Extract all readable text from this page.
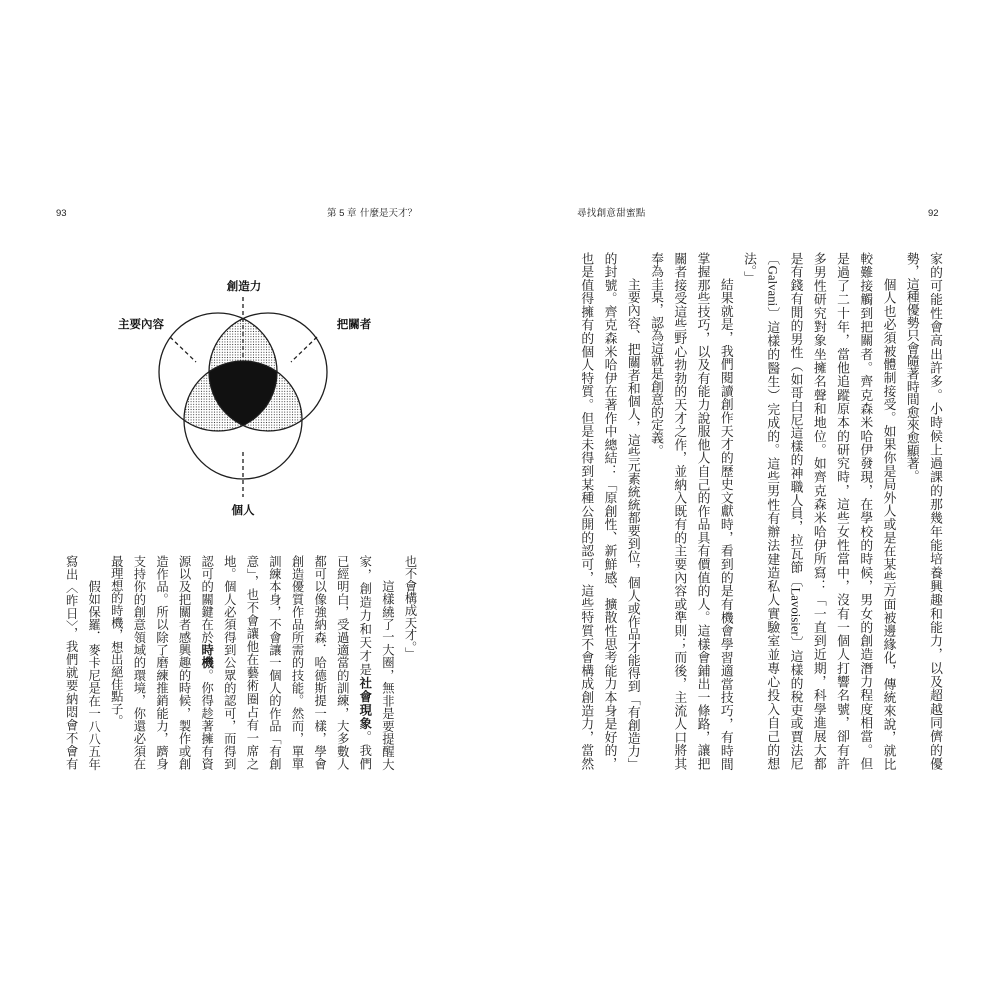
93	第 5 章 什麼是天才？	尋找創意甜蜜點	92
創造力
主要內容	把關者
個人
也不會構成天才。」
這樣繞了一大圈，無非是要提醒大
家，創造力和天才是社會現象。我們
已經明白，受過適當的訓練，大多數人
都可以像強納森．哈德斯提一樣，學會
創造優質作品所需的技能。然而，單單
訓練本身，不會讓一個人的作品「有創
意」，也不會讓他在藝術圈占有一席之
地。個人必須得到公眾的認可，而得到
認可的關鍵在於時機。你得趁著擁有資
源以及把關者感興趣的時候，製作或創
造作品。所以除了磨練推銷能力，躋身
支持你的創意領域的環境，你還必須在
最理想的時機，想出絕佳點子。
假如保羅．麥卡尼是在一八八五年
寫出〈昨日〉，我們就要納悶會不會有	家的可能性會高出許多。小時候上過課的那幾年能培養興趣和能力，以及超越同儕的優
勢，這種優勢只會隨著時間愈來愈顯著。
個人也必須被體制接受。如果你是局外人或是在某些方面被邊緣化，傳統來說，就比
較難接觸到把關者。齊克森米哈伊發現，在學校的時候，男女的創造潛力程度相當。但
是過了二十年，當他追蹤原本的研究時，這些女性當中，沒有一個人打響名號，卻有許
多男性研究對象坐擁名聲和地位。如齊克森米哈伊所寫：「一直到近期，科學進展大都
是有錢有閒的男性（如哥白尼這樣的神職人員，拉瓦節〔Lavoisier〕這樣的稅吏或賈法尼
〔Galvani〕這樣的醫生）完成的。這些男性有辦法建造私人實驗室並專心投入自己的想
法。」
結果就是，我們閱讀創作天才的歷史文獻時，看到的是有機會學習適當技巧，有時間
掌握那些技巧，以及有能力說服他人自己的作品具有價值的人。這樣會鋪出一條路，讓把
關者接受這些野心勃勃的天才之作，並納入既有的主要內容或準則；而後，主流人口將其
奉為圭臬，認為這就是創意的定義。
主要內容、把關者和個人，這些元素統統都要到位，個人或作品才能得到「有創造力」
的封號。齊克森米哈伊在著作中總結：「原創性、新鮮感、擴散性思考能力本身是好的，
也是值得擁有的個人特質。但是未得到某種公開的認可，這些特質不會構成創造力，當然
